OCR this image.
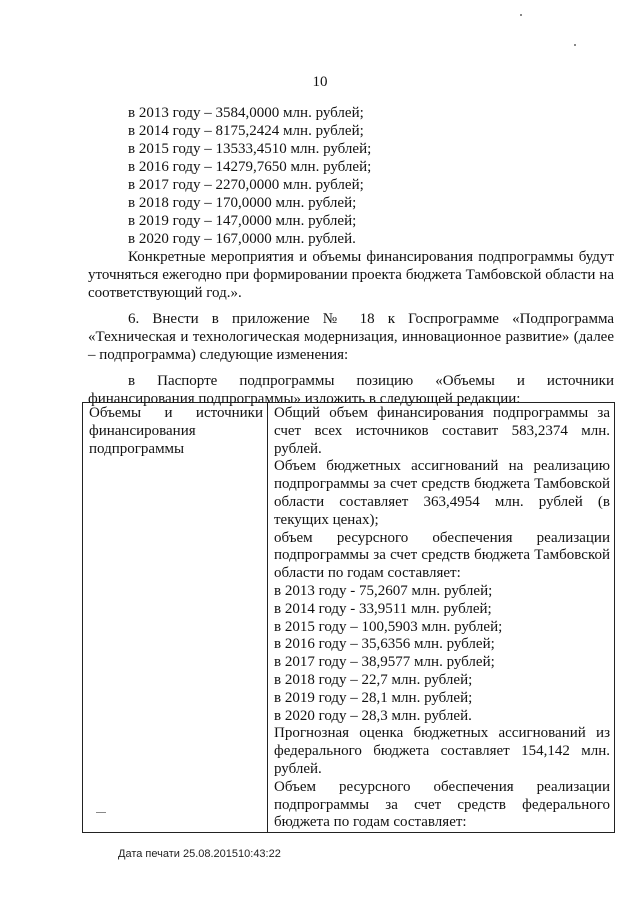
10
в 2013 году – 3584,0000 млн. рублей;
в 2014 году – 8175,2424 млн. рублей;
в 2015 году – 13533,4510 млн. рублей;
в 2016 году – 14279,7650 млн. рублей;
в 2017 году – 2270,0000 млн. рублей;
в 2018 году – 170,0000 млн. рублей;
в 2019 году – 147,0000 млн. рублей;
в 2020 году – 167,0000 млн. рублей.

Конкретные мероприятия и объемы финансирования подпрограммы будут уточняться ежегодно при формировании проекта бюджета Тамбовской области на соответствующий год.».

6. Внести в приложение № 18 к Госпрограмме «Подпрограмма «Техническая и технологическая модернизация, инновационное развитие» (далее – подпрограмма) следующие изменения:

в Паспорте подпрограммы позицию «Объемы и источники финансирования подпрограммы» изложить в следующей редакции:

Объемы и источники финансирования подпрограммы

Общий объем финансирования подпрограммы за счет всех источников составит 583,2374 млн. рублей.
Объем бюджетных ассигнований на реализацию подпрограммы за счет средств бюджета Тамбовской области составляет 363,4954 млн. рублей (в текущих ценах);
объем ресурсного обеспечения реализации подпрограммы за счет средств бюджета Тамбовской области по годам составляет:
в 2013 году - 75,2607 млн. рублей;
в 2014 году - 33,9511 млн. рублей;
в 2015 году – 100,5903 млн. рублей;
в 2016 году – 35,6356 млн. рублей;
в 2017 году – 38,9577 млн. рублей;
в 2018 году – 22,7 млн. рублей;
в 2019 году – 28,1 млн. рублей;
в 2020 году – 28,3 млн. рублей.
Прогнозная оценка бюджетных ассигнований из федерального бюджета составляет 154,142 млн. рублей.
Объем ресурсного обеспечения реализации подпрограммы за счет средств федерального бюджета по годам составляет:
Дата печати 25.08.201510:43:22
